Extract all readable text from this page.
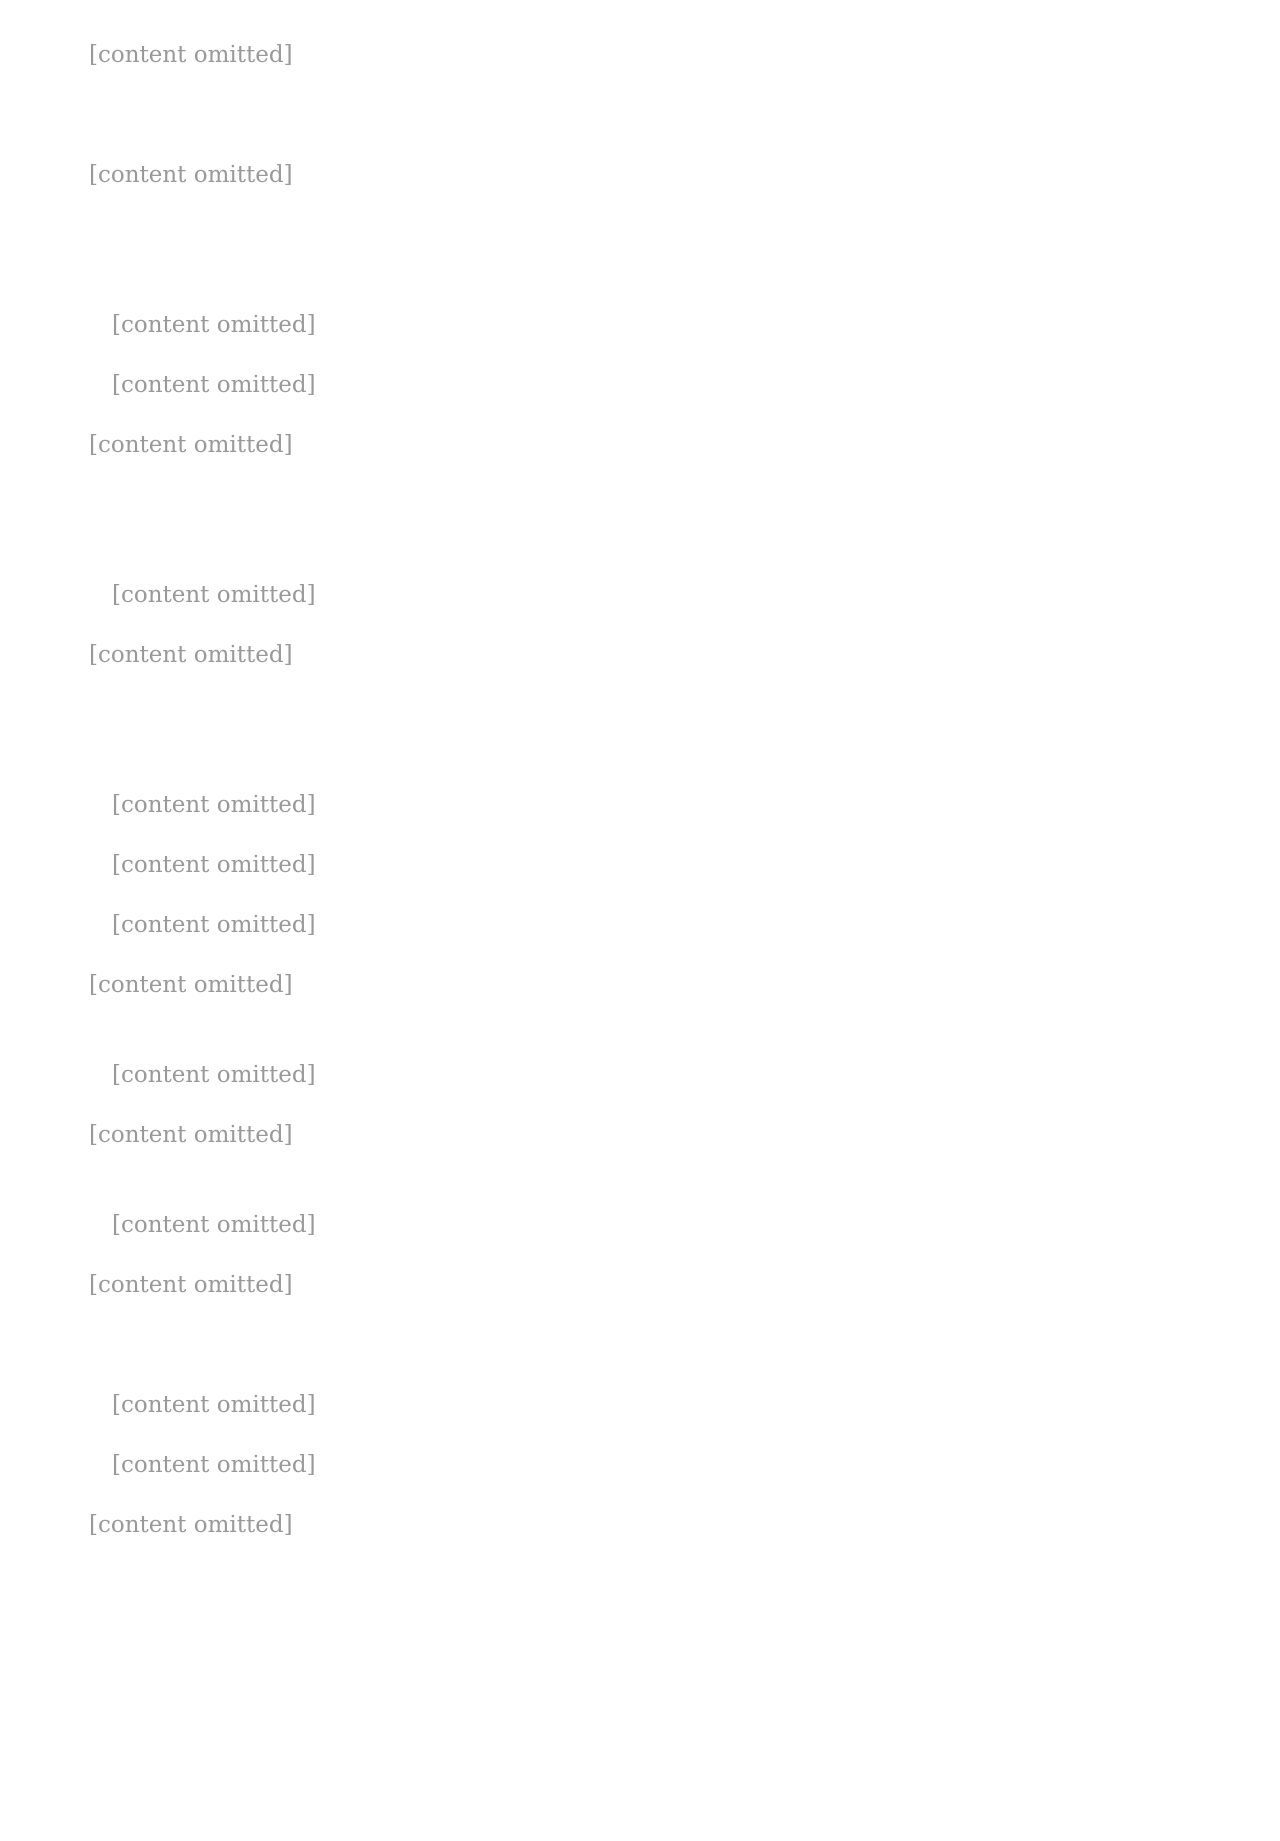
[content omitted]

[content omitted]

[content omitted]

[content omitted]

[content omitted]

[content omitted]

[content omitted]

[content omitted]

[content omitted]

[content omitted]

[content omitted]

[content omitted]

[content omitted]

[content omitted]

[content omitted]

[content omitted]

[content omitted]

[content omitted]
